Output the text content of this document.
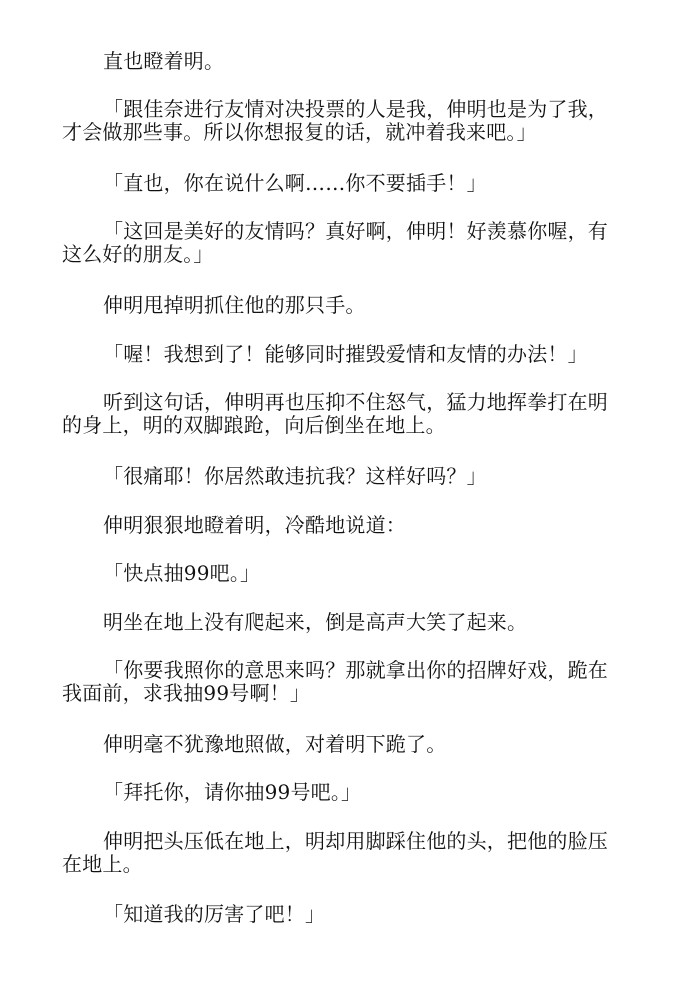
直也瞪着明。

「跟佳奈进行友情对决投票的人是我，伸明也是为了我，
才会做那些事。所以你想报复的话，就冲着我来吧。」

「直也，你在说什么啊……你不要插手！」

「这回是美好的友情吗？真好啊，伸明！好羡慕你喔，有
这么好的朋友。」

伸明甩掉明抓住他的那只手。

「喔！我想到了！能够同时摧毁爱情和友情的办法！」

听到这句话，伸明再也压抑不住怒气，猛力地挥拳打在明
的身上，明的双脚踉跄，向后倒坐在地上。

「很痛耶！你居然敢违抗我？这样好吗？」

伸明狠狠地瞪着明，冷酷地说道：

「快点抽99吧。」

明坐在地上没有爬起来，倒是高声大笑了起来。

「你要我照你的意思来吗？那就拿出你的招牌好戏，跪在
我面前，求我抽99号啊！」

伸明毫不犹豫地照做，对着明下跪了。

「拜托你，请你抽99号吧。」

伸明把头压低在地上，明却用脚踩住他的头，把他的脸压
在地上。

「知道我的厉害了吧！」
